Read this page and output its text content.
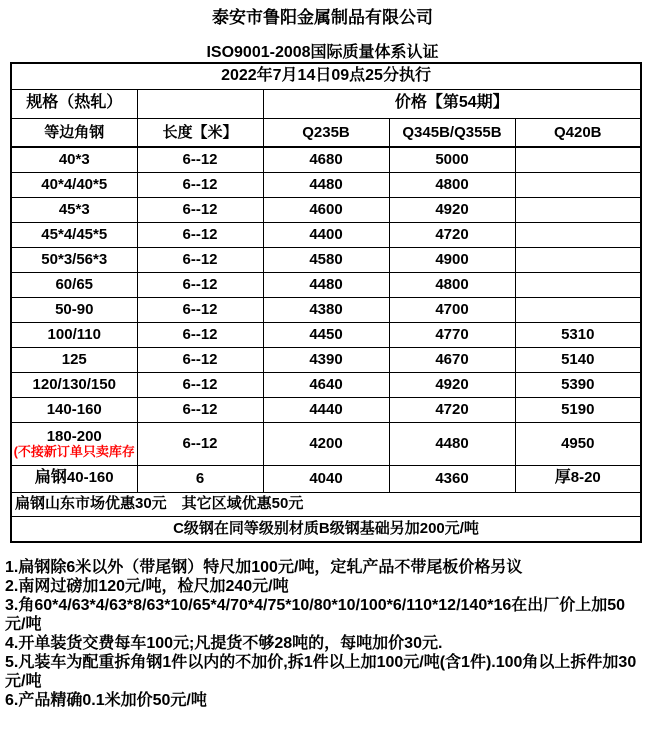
泰安市鲁阳金属制品有限公司
ISO9001-2008国际质量体系认证
2022年7月14日09点25分执行				
规格（热轧）		价格【第54期】		
等边角钢	长度【米】	Q235B	Q345B/Q355B	Q420B
40*3	6--12	4680	5000	
40*4/40*5	6--12	4480	4800	
45*3	6--12	4600	4920	
45*4/45*5	6--12	4400	4720	
50*3/56*3	6--12	4580	4900	
60/65	6--12	4480	4800	
50-90	6--12	4380	4700	
100/110	6--12	4450	4770	5310
125	6--12	4390	4670	5140
120/130/150	6--12	4640	4920	5390
140-160	6--12	4440	4720	5190

180-200
(不接新订单只卖库存	6--12	4200	4480	4950
扁钢40-160	6	4040	4360	厚8-20
扁钢山东市场优惠30元　其它区域优惠50元				
C级钢在同等级别材质B级钢基础另加200元/吨				
1.扁钢除6米以外（带尾钢）特尺加100元/吨，定轧产品不带尾板价格另议
2.南网过磅加120元/吨，检尺加240元/吨
3.角60*4/63*4/63*8/63*10/65*4/70*4/75*10/80*10/100*6/110*12/140*16在出厂价上加50元/吨
4.开单装货交费每车100元;凡提货不够28吨的，每吨加价30元.
5.凡装车为配重拆角钢1件以内的不加价,拆1件以上加100元/吨(含1件).100角以上拆件加30元/吨
6.产品精确0.1米加价50元/吨
